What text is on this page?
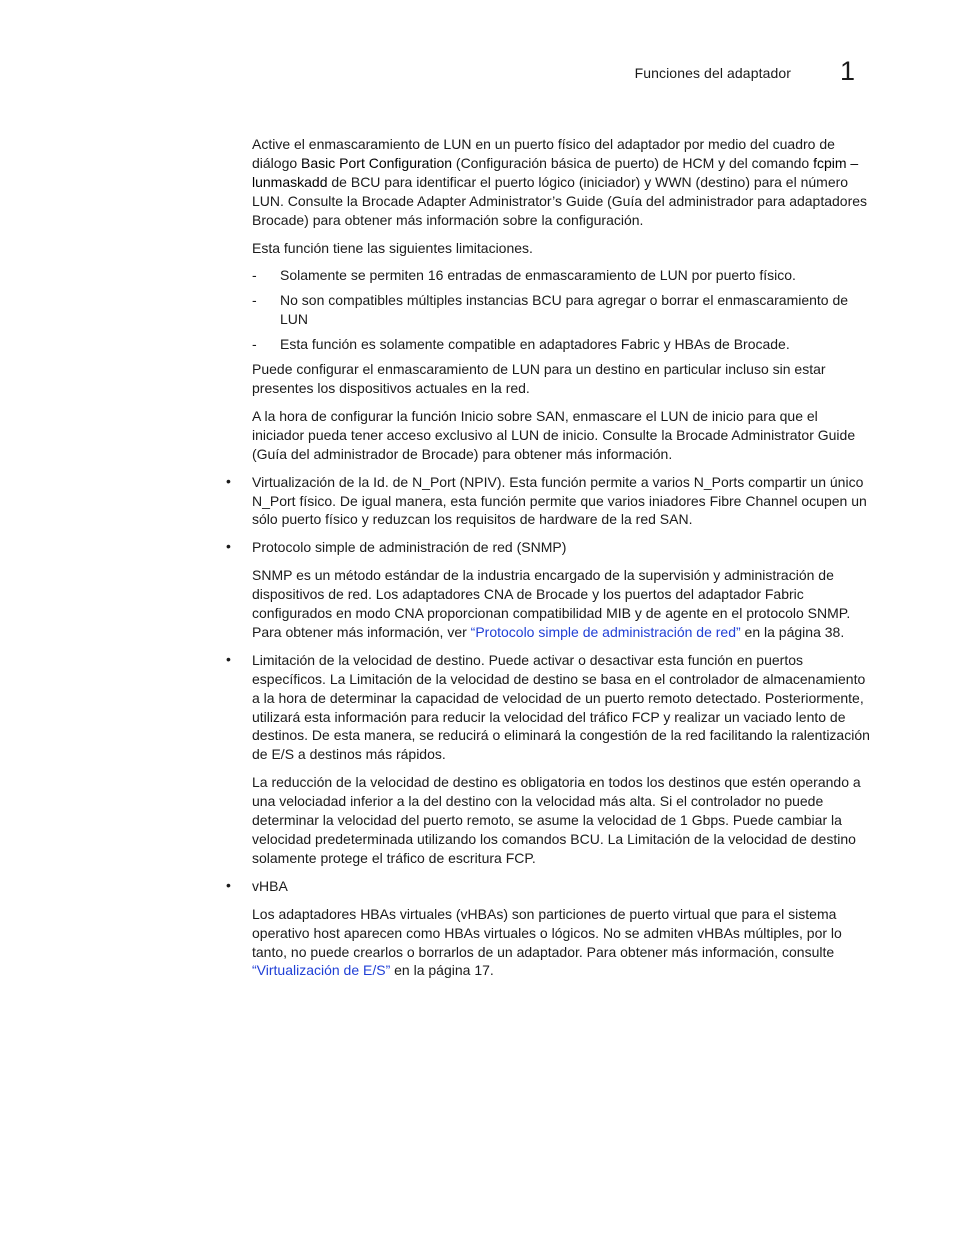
Funciones del adaptador 1

Active el enmascaramiento de LUN en un puerto físico del adaptador por medio del cuadro de diálogo Basic Port Configuration (Configuración básica de puerto) de HCM y del comando fcpim –lunmaskadd de BCU para identificar el puerto lógico (iniciador) y WWN (destino) para el número LUN. Consulte la Brocade Adapter Administrator’s Guide (Guía del administrador para adaptadores Brocade) para obtener más información sobre la configuración.

Esta función tiene las siguientes limitaciones.

- Solamente se permiten 16 entradas de enmascaramiento de LUN por puerto físico.
- No son compatibles múltiples instancias BCU para agregar o borrar el enmascaramiento de LUN
- Esta función es solamente compatible en adaptadores Fabric y HBAs de Brocade.

Puede configurar el enmascaramiento de LUN para un destino en particular incluso sin estar presentes los dispositivos actuales en la red.

A la hora de configurar la función Inicio sobre SAN, enmascare el LUN de inicio para que el iniciador pueda tener acceso exclusivo al LUN de inicio. Consulte la Brocade Administrator Guide (Guía del administrador de Brocade) para obtener más información.

• Virtualización de la Id. de N_Port (NPIV). Esta función permite a varios N_Ports compartir un único N_Port físico. De igual manera, esta función permite que varios iniadores Fibre Channel ocupen un sólo puerto físico y reduzcan los requisitos de hardware de la red SAN.

• Protocolo simple de administración de red (SNMP)

SNMP es un método estándar de la industria encargado de la supervisión y administración de dispositivos de red. Los adaptadores CNA de Brocade y los puertos del adaptador Fabric configurados en modo CNA proporcionan compatibilidad MIB y de agente en el protocolo SNMP. Para obtener más información, ver “Protocolo simple de administración de red” en la página 38.

• Limitación de la velocidad de destino. Puede activar o desactivar esta función en puertos específicos. La Limitación de la velocidad de destino se basa en el controlador de almacenamiento a la hora de determinar la capacidad de velocidad de un puerto remoto detectado. Posteriormente, utilizará esta información para reducir la velocidad del tráfico FCP y realizar un vaciado lento de destinos. De esta manera, se reducirá o eliminará la congestión de la red facilitando la ralentización de E/S a destinos más rápidos.

La reducción de la velocidad de destino es obligatoria en todos los destinos que estén operando a una velociadad inferior a la del destino con la velocidad más alta. Si el controlador no puede determinar la velocidad del puerto remoto, se asume la velocidad de 1 Gbps. Puede cambiar la velocidad predeterminada utilizando los comandos BCU. La Limitación de la velocidad de destino solamente protege el tráfico de escritura FCP.

• vHBA

Los adaptadores HBAs virtuales (vHBAs) son particiones de puerto virtual que para el sistema operativo host aparecen como HBAs virtuales o lógicos. No se admiten vHBAs múltiples, por lo tanto, no puede crearlos o borrarlos de un adaptador. Para obtener más información, consulte “Virtualización de E/S” en la página 17.
